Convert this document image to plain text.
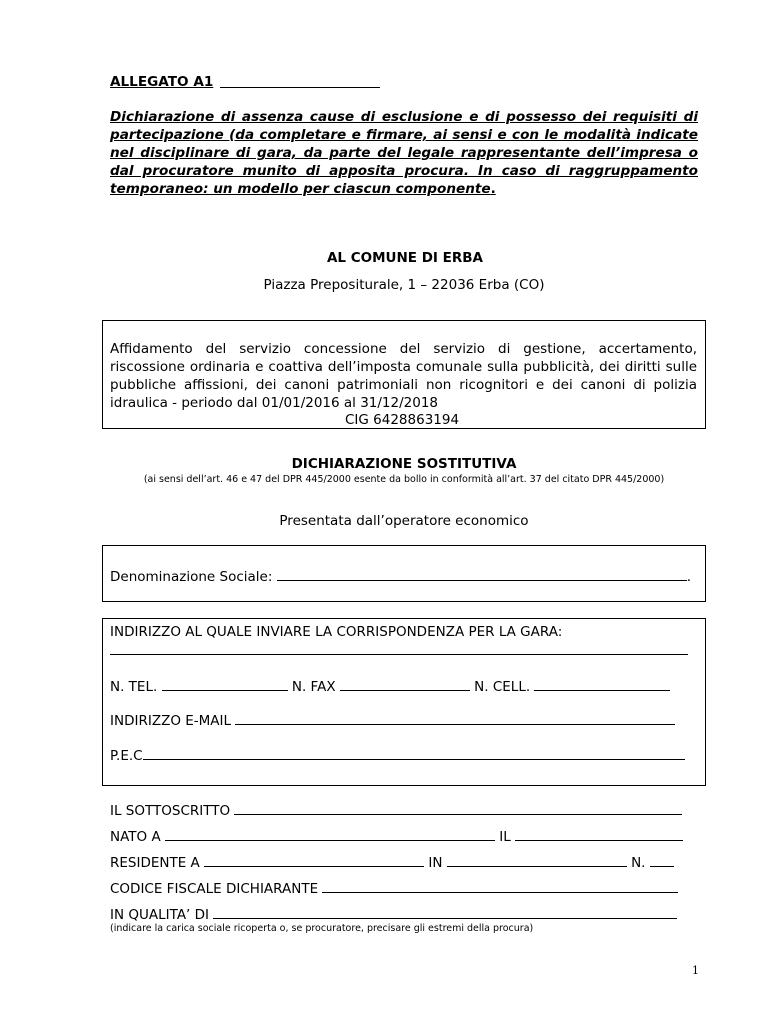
ALLEGATO A1
Dichiarazione di assenza cause di esclusione e di possesso dei requisiti di
partecipazione (da completare e firmare, ai sensi e con le modalità indicate
nel disciplinare di gara, da parte del legale rappresentante dell’impresa o
dal procuratore munito di apposita procura. In caso di raggruppamento
temporaneo: un modello per ciascun componente.
AL COMUNE DI ERBA
Piazza Prepositurale, 1 – 22036 Erba (CO)
Affidamento del servizio concessione del servizio di gestione, accertamento,
riscossione ordinaria e coattiva dell’imposta comunale sulla pubblicità, dei diritti sulle
pubbliche affissioni, dei canoni patrimoniali non ricognitori e dei canoni di polizia
idraulica - periodo dal 01/01/2016 al 31/12/2018
CIG 6428863194
DICHIARAZIONE SOSTITUTIVA
(ai sensi dell’art. 46 e 47 del DPR 445/2000 esente da bollo in conformità all’art. 37 del citato DPR 445/2000)
Presentata dall’operatore economico
Denominazione Sociale:	.
INDIRIZZO AL QUALE INVIARE LA CORRISPONDENZA PER LA GARA:
N. TEL.	N. FAX	N. CELL.
INDIRIZZO E-MAIL
P.E.C
IL SOTTOSCRITTO
NATO A	IL
RESIDENTE A	IN	N.
CODICE FISCALE DICHIARANTE
IN QUALITA’ DI
(indicare la carica sociale ricoperta o, se procuratore, precisare gli estremi della procura)
1
